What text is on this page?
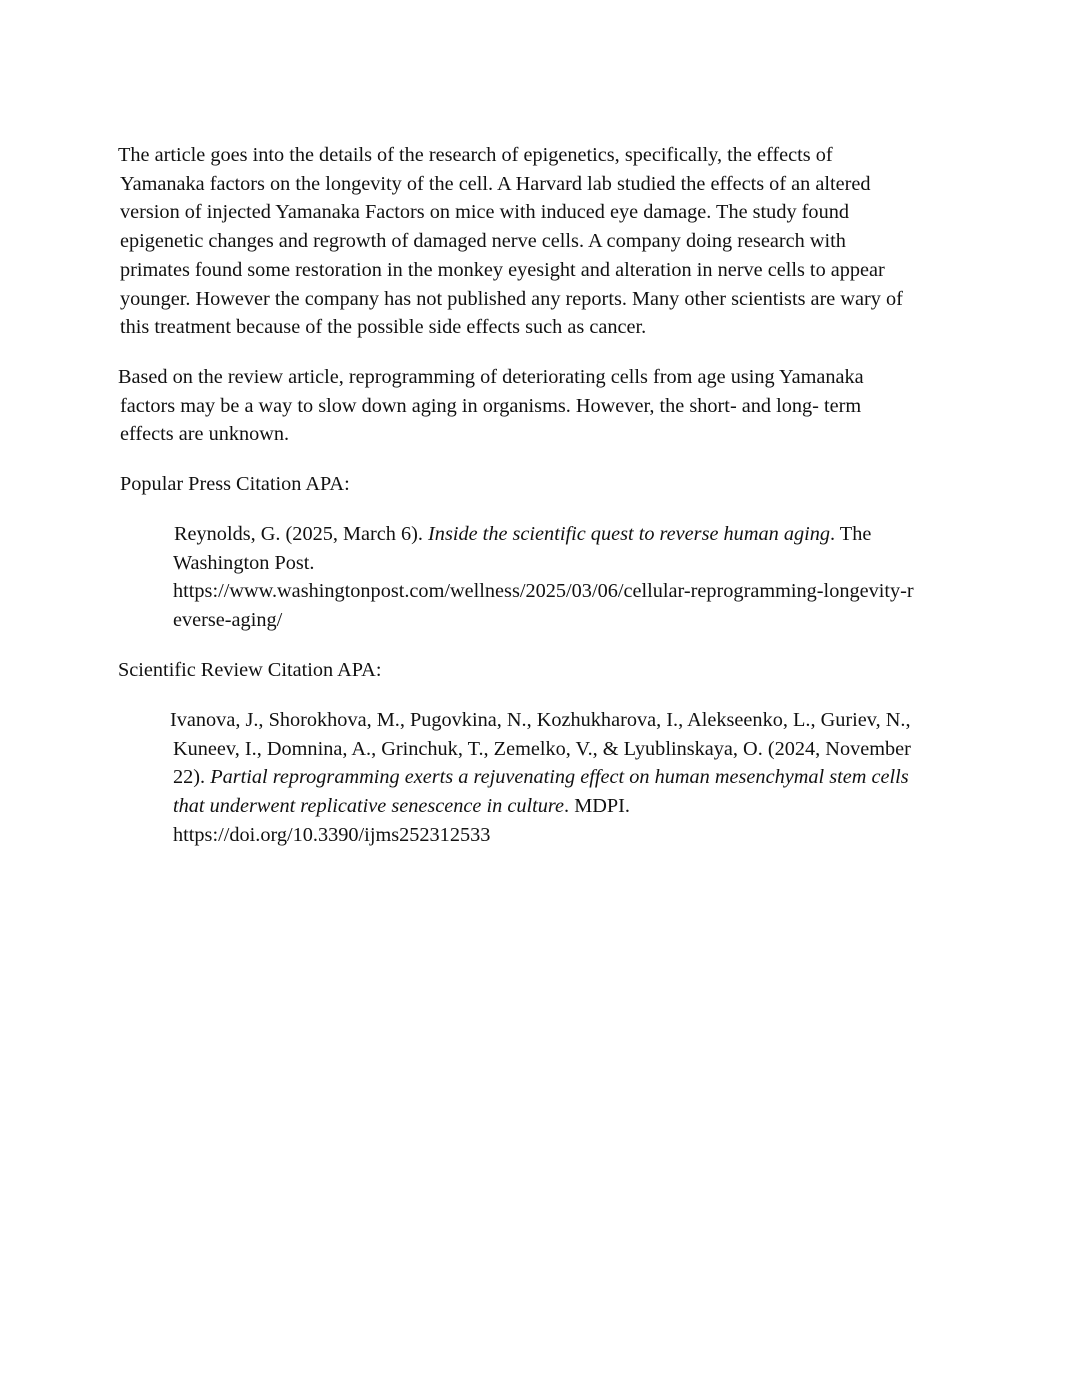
The article goes into the details of the research of epigenetics, specifically, the effects of
Yamanaka factors on the longevity of the cell. A Harvard lab studied the effects of an altered
version of injected Yamanaka Factors on mice with induced eye damage. The study found
epigenetic changes and regrowth of damaged nerve cells. A company doing research with
primates found some restoration in the monkey eyesight and alteration in nerve cells to appear
younger. However the company has not published any reports. Many other scientists are wary of
this treatment because of the possible side effects such as cancer.

Based on the review article, reprogramming of deteriorating cells from age using Yamanaka
factors may be a way to slow down aging in organisms. However, the short- and long- term
effects are unknown.

Popular Press Citation APA:

Reynolds, G. (2025, March 6). Inside the scientific quest to reverse human aging. The
Washington Post.
https://www.washingtonpost.com/wellness/2025/03/06/cellular-reprogramming-longevity-r
everse-aging/

Scientific Review Citation APA:

Ivanova, J., Shorokhova, M., Pugovkina, N., Kozhukharova, I., Alekseenko, L., Guriev, N.,
Kuneev, I., Domnina, A., Grinchuk, T., Zemelko, V., & Lyublinskaya, O. (2024, November
22). Partial reprogramming exerts a rejuvenating effect on human mesenchymal stem cells
that underwent replicative senescence in culture. MDPI.
https://doi.org/10.3390/ijms252312533
